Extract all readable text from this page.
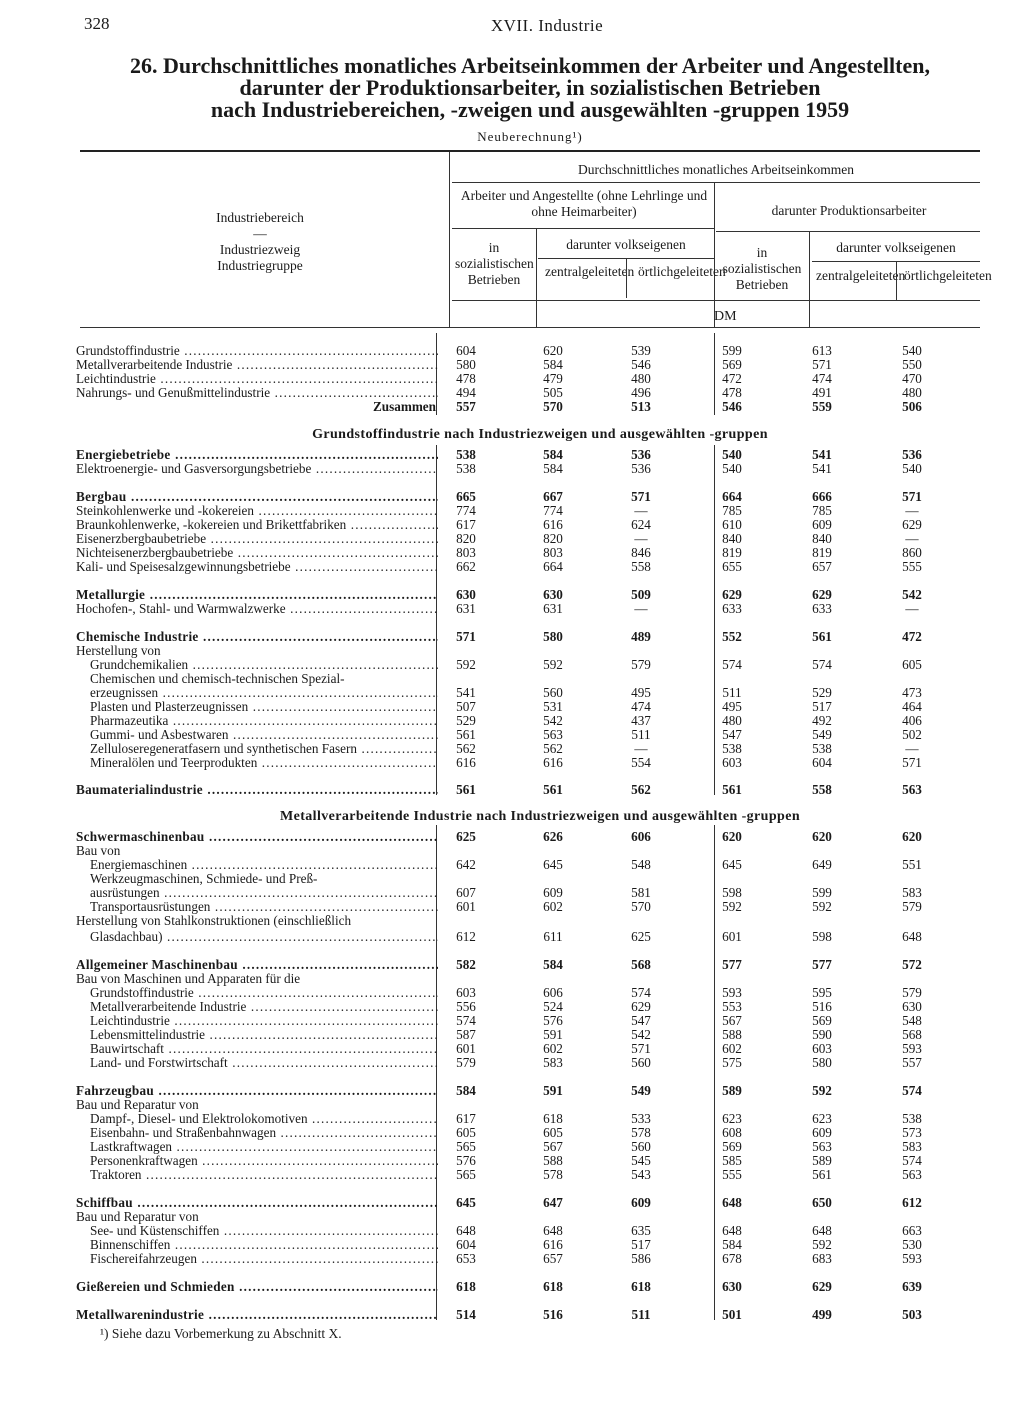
328	XVII. Industrie
26. Durchschnittliches monatliches Arbeitseinkommen der Arbeiter und Angestellten,
darunter der Produktionsarbeiter, in sozialistischen Betrieben
nach Industriebereichen, -zweigen und ausgewählten -gruppen 1959
Neuberechnung¹)
Industriebereich
—
Industriezweig
Industriegruppe
Durchschnittliches monatliches Arbeitseinkommen
Arbeiter und Angestellte (ohne Lehrlinge und ohne Heimarbeiter)	darunter Produktionsarbeiter
in sozialistischen Betrieben
darunter volkseigenen
zentralgeleiteten örtlichgeleiteten
in sozialistischen Betrieben
darunter volkseigenen
zentralgeleiteten
örtlichgeleiteten
DM
Grundstoffindustrie nach Industriezweigen und ausgewählten -gruppen
Metallverarbeitende Industrie nach Industriezweigen und ausgewählten -gruppen
Grundstoffindustrie .....	604	620	539	599	613	540
Metallverarbeitende Industrie .....	580	584	546	569	571	550
Leichtindustrie .....	478	479	480	472	474	470
Nahrungs- und Genußmittelindustrie .....	494	505	496	478	491	480
Zusammen	557	570	513	546	559	506
Energiebetriebe .....	538	584	536	540	541	536
Elektroenergie- und Gasversorgungsbetriebe .....	538	584	536	540	541	540
Bergbau .....	665	667	571	664	666	571
Steinkohlenwerke und -kokereien .....	774	774	—	785	785	—
Braunkohlenwerke, -kokereien und Brikettfabriken .....	617	616	624	610	609	629
Eisenerzbergbaubetriebe .....	820	820	—	840	840	—
Nichteisenerzbergbaubetriebe .....	803	803	846	819	819	860
Kali- und Speisesalzgewinnungsbetriebe .....	662	664	558	655	657	555
Metallurgie .....	630	630	509	629	629	542
Hochofen-, Stahl- und Warmwalzwerke .....	631	631	—	633	633	—
Chemische Industrie .....	571	580	489	552	561	472
Herstellung von
Grundchemikalien .....	592	592	579	574	574	605
Chemischen und chemisch-technischen Spezial-
erzeugnissen .....	541	560	495	511	529	473
Plasten und Plasterzeugnissen .....	507	531	474	495	517	464
Pharmazeutika .....	529	542	437	480	492	406
Gummi- und Asbestwaren .....	561	563	511	547	549	502
Zelluloseregeneratfasern und synthetischen Fasern .....	562	562	—	538	538	—
Mineralölen und Teerprodukten .....	616	616	554	603	604	571
Baumaterialindustrie .....	561	561	562	561	558	563
Schwermaschinenbau .....	625	626	606	620	620	620
Bau von
Energiemaschinen .....	642	645	548	645	649	551
Werkzeugmaschinen, Schmiede- und Preß-
ausrüstungen .....	607	609	581	598	599	583
Transportausrüstungen .....	601	602	570	592	592	579
Herstellung von Stahlkonstruktionen (einschließlich
Glasdachbau) .....	612	611	625	601	598	648
Allgemeiner Maschinenbau .....	582	584	568	577	577	572
Bau von Maschinen und Apparaten für die
Grundstoffindustrie .....	603	606	574	593	595	579
Metallverarbeitende Industrie .....	556	524	629	553	516	630
Leichtindustrie .....	574	576	547	567	569	548
Lebensmittelindustrie .....	587	591	542	588	590	568
Bauwirtschaft .....	601	602	571	602	603	593
Land- und Forstwirtschaft .....	579	583	560	575	580	557
Fahrzeugbau .....	584	591	549	589	592	574
Bau und Reparatur von
Dampf-, Diesel- und Elektrolokomotiven .....	617	618	533	623	623	538
Eisenbahn- und Straßenbahnwagen .....	605	605	578	608	609	573
Lastkraftwagen .....	565	567	560	569	563	583
Personenkraftwagen .....	576	588	545	585	589	574
Traktoren .....	565	578	543	555	561	563
Schiffbau .....	645	647	609	648	650	612
Bau und Reparatur von
See- und Küstenschiffen .....	648	648	635	648	648	663
Binnenschiffen .....	604	616	517	584	592	530
Fischereifahrzeugen .....	653	657	586	678	683	593
Gießereien und Schmieden .....	618	618	618	630	629	639
Metallwarenindustrie .....	514	516	511	501	499	503
¹) Siehe dazu Vorbemerkung zu Abschnitt X.
